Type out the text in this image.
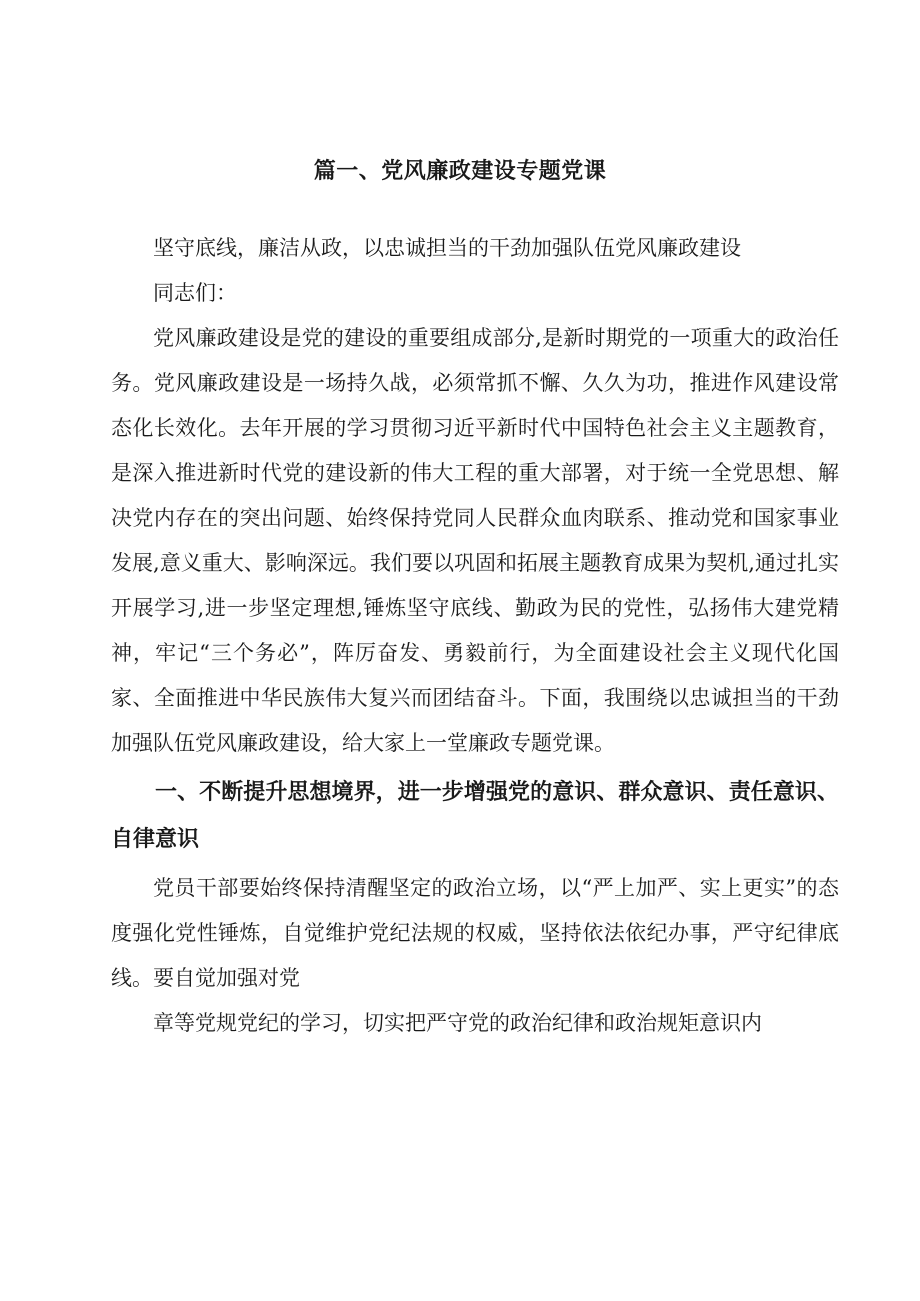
篇一、党风廉政建设专题党课

坚守底线，廉洁从政，以忠诚担当的干劲加强队伍党风廉政建设

同志们：

党风廉政建设是党的建设的重要组成部分,是新时期党的一项重大的政治任务。党风廉政建设是一场持久战，必须常抓不懈、久久为功，推进作风建设常态化长效化。去年开展的学习贯彻习近平新时代中国特色社会主义主题教育，是深入推进新时代党的建设新的伟大工程的重大部署，对于统一全党思想、解决党内存在的突出问题、始终保持党同人民群众血肉联系、推动党和国家事业发展,意义重大、影响深远。我们要以巩固和拓展主题教育成果为契机,通过扎实开展学习,进一步坚定理想,锤炼坚守底线、勤政为民的党性，弘扬伟大建党精神，牢记“三个务必”，阵厉奋发、勇毅前行，为全面建设社会主义现代化国家、全面推进中华民族伟大复兴而团结奋斗。下面，我围绕以忠诚担当的干劲加强队伍党风廉政建设，给大家上一堂廉政专题党课。

一、不断提升思想境界，进一步增强党的意识、群众意识、责任意识、自律意识

党员干部要始终保持清醒坚定的政治立场，以“严上加严、实上更实”的态度强化党性锤炼，自觉维护党纪法规的权威，坚持依法依纪办事，严守纪律底线。要自觉加强对党

章等党规党纪的学习，切实把严守党的政治纪律和政治规矩意识内
